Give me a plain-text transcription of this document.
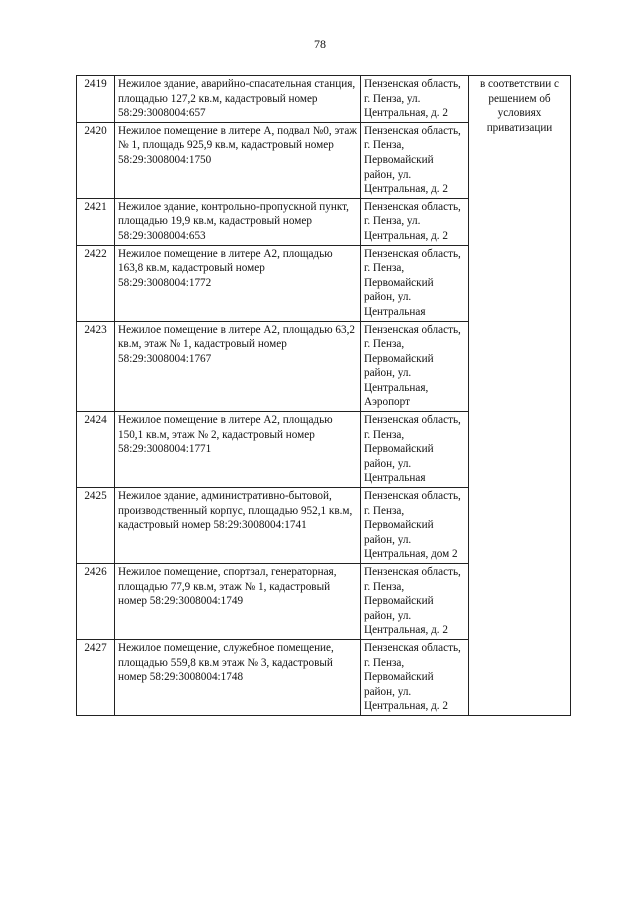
78
2419	Нежилое здание, аварийно-спасательная станция, площадью 127,2 кв.м, кадастровый номер 58:29:3008004:657	Пензенская область, г. Пенза, ул. Центральная, д. 2	в соответствии с решением об условиях приватизации
2420	Нежилое помещение в литере А, подвал №0, этаж № 1, площадь 925,9 кв.м, кадастровый номер 58:29:3008004:1750	Пензенская область, г. Пенза, Первомайский район, ул. Центральная, д. 2	
2421	Нежилое здание, контрольно-пропускной пункт, площадью 19,9 кв.м, кадастровый номер 58:29:3008004:653	Пензенская область, г. Пенза, ул. Центральная, д. 2	
2422	Нежилое помещение в литере А2, площадью 163,8 кв.м, кадастровый номер 58:29:3008004:1772	Пензенская область, г. Пенза, Первомайский район, ул. Центральная	
2423	Нежилое помещение в литере А2, площадью 63,2 кв.м, этаж № 1, кадастровый номер 58:29:3008004:1767	Пензенская область, г. Пенза, Первомайский район, ул. Центральная, Аэропорт	
2424	Нежилое помещение в литере А2, площадью 150,1 кв.м, этаж № 2, кадастровый номер 58:29:3008004:1771	Пензенская область, г. Пенза, Первомайский район, ул. Центральная	
2425	Нежилое здание, административно-бытовой, производственный корпус, площадью 952,1 кв.м, кадастровый номер 58:29:3008004:1741	Пензенская область, г. Пенза, Первомайский район, ул. Центральная, дом 2	
2426	Нежилое помещение, спортзал, генераторная, площадью 77,9 кв.м, этаж № 1, кадастровый номер 58:29:3008004:1749	Пензенская область, г. Пенза, Первомайский район, ул. Центральная, д. 2	
2427	Нежилое помещение, служебное помещение, площадью 559,8 кв.м этаж № 3, кадастровый номер 58:29:3008004:1748	Пензенская область, г. Пенза, Первомайский район, ул. Центральная, д. 2	
